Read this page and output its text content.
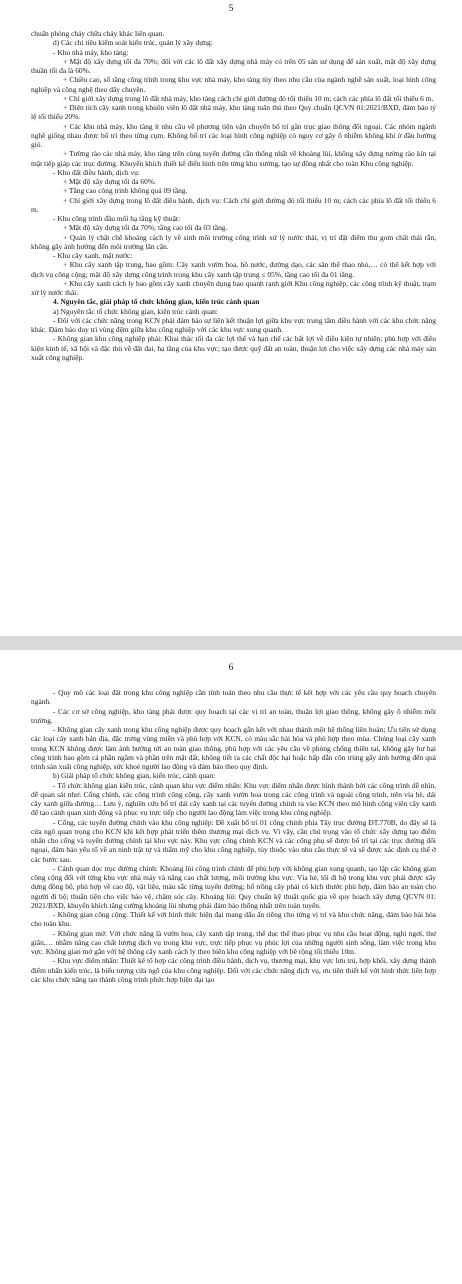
5

chuẩn phòng cháy chữa cháy khác liên quan.

d) Các chỉ tiêu kiểm soát kiến trúc, quản lý xây dựng:

- Khu nhà máy, kho tàng:

+ Mật độ xây dựng tối đa 70%; đối với các lô đất xây dựng nhà máy có trên 05 sản sư dụng để sản xuất, mật độ xây dựng thuần tối đa là 60%.

+ Chiều cao, số tầng công trình trong khu vực nhà máy, kho tàng tùy theo nhu cầu của ngành nghề sản xuất, loại hình công nghiệp và công nghệ theo dây chuyền.

+ Chỉ giới xây dựng trong lô đất nhà máy, kho tàng cách chỉ giới đường đỏ tối thiểu 10 m; cách các phía lô đất tối thiểu 6 m.

+ Diện tích cây xanh trong khuôn viên lô đất nhà máy, kho tàng tuân thủ theo Quy chuẩn QCVN 01:2021/BXD, đảm bảo tỷ lệ tối thiểu 20%.

+ Các khu nhà máy, kho tàng ít nhu cầu về phương tiện vận chuyển bố trí gần trục giao thông đối ngoại. Các nhóm ngành nghề giống nhau được bố trí theo từng cụm. Không bố trí các loại hình công nghiệp có nguy cơ gây ô nhiễm không khí ở đầu hướng gió.

+ Tường rào các nhà máy, kho tàng trên cùng tuyến đường cần thống nhất về khoảng lùi, không xây dựng tường rào kín tại mặt tiếp giáp các trục đường. Khuyến khích thiết kế điển hình trên từng khu xưởng, tạo sự đồng nhất cho toàn Khu công nghiệp.

- Khu đất điều hành, dịch vụ:

+ Mật độ xây dựng tối đa 60%.

+ Tầng cao công trình không quá 09 tầng.

+ Chỉ giới xây dựng trong lô đất điều hành, dịch vụ: Cách chỉ giới đường đỏ tối thiểu 10 m; cách các phía lô đất tối thiểu 6 m.

- Khu công trình đầu mối hạ tầng kỹ thuật:

+ Mật độ xây dựng tối đa 70%; tầng cao tối đa 03 tầng.

+ Quản lý chặt chẽ khoảng cách ly về sinh môi trường công trình xử lý nước thải, vị trí đặt điểm thu gom chất thải rắn, không gây ảnh hưởng đến môi trường lân cận.

- Khu cây xanh, mặt nước:

+ Khu cây xanh tập trung, bao gồm: Cây xanh vườn hoa, hồ nước, đường dạo, các sân thể thao nhỏ,… có thể kết hợp với dịch vụ công cộng; mật độ xây dựng công trình trong khu cây xanh tập trung ≤ 05%, tầng cao tối đa 01 tầng.

+ Khu cây xanh cách ly bao gồm cây xanh chuyên dụng bao quanh ranh giới Khu công nghiệp, các công trình kỹ thuật, trạm xử lý nước thải.

4. Nguyên tắc, giải pháp tổ chức không gian, kiến trúc cảnh quan

a) Nguyên tắc tổ chức không gian, kiến trúc cảnh quan:

- Đối với các chức năng trong KCN phải đảm bảo sự liên kết thuận lợi giữa khu vực trung tâm điều hành với các khu chức năng khác. Đảm bảo duy trì vùng đệm giữa khu công nghiệp với các khu vực xung quanh.

- Không gian khu công nghiệp phải: Khai thác tối đa các lợi thế và hạn chế các bất lợi về điều kiện tự nhiên; phù hợp với điều kiện kinh tế, xã hội và đặc thù về đất đai, hạ tầng của khu vực; tạo được quỹ đất an toàn, thuận lợi cho việc xây dựng các nhà máy sản xuất công nghiệp.

6

- Quy mô các loại đất trong khu công nghiệp cần tính toán theo nhu cầu thực tế kết hợp với các yêu cầu quy hoạch chuyên ngành.

- Các cơ sở công nghiệp, kho tàng phải được quy hoạch tại các vị trí an toàn, thuận lợi giao thông, không gây ô nhiễm môi trường.

- Không gian cây xanh trong khu công nghiệp được quy hoạch gắn kết với nhau thành một hệ thống liên hoàn; Ưu tiên sử dụng các loại cây xanh bản địa, đặc trưng vùng miền và phù hợp với KCN, có màu sắc hài hòa và phù hợp theo mùa. Chúng loại cây xanh trong KCN không được làm ảnh hưởng tới an toàn giao thông, phù hợp với các yêu cầu về phòng chống thiên tai, không gây hư hại công trình bao gồm cả phần ngầm và phần trên mặt đất, không tiết ra các chất độc hại hoặc hấp dẫn côn trùng gây ảnh hưởng đến quá trình sản xuất công nghiệp, sức khoẻ người lao động và đảm bảo theo quy định.

b) Giải pháp tổ chức không gian, kiến trúc, cảnh quan:

- Tổ chức không gian kiến trúc, cảnh quan khu vực điểm nhấn: Khu vực điểm nhấn được hình thành bởi các công trình dễ nhìn, dễ quan sát như: Cổng chính, các công trình công cộng, cây xanh vườn hoa trong các công trình và ngoài công trình, trên vỉa hè, dải cây xanh giữa đường… Lưu ý, nghiên cứu bố trí dải cây xanh tại các tuyến đường chính ra vào KCN theo mô hình công viên cây xanh để tạo cảnh quan xinh động và phục vụ trực tiếp cho người lao động làm việc trong khu công nghiệp.

- Cổng, các tuyến đường chính vào khu công nghiệp: Đề xuất bố trí 01 cổng chính phía Tây trục đường ĐT.770B, do đây sẽ là cửa ngõ quan trọng cho KCN khi kết hợp phát triển thêm thương mại dịch vụ. Vì vậy, cần chú trọng vào tổ chức xây dựng tạo điểm nhấn cho cổng và tuyến đường chính tại khu vực này. Khu vực cổng chính KCN và các cổng phụ sẽ được bố trí tại các trục đường đối ngoại, đảm bảo yếu tố về an ninh trật tự và thẩm mỹ cho khu công nghiệp, tùy thuộc vào nhu cầu thực tế và sẽ được xác định cụ thể ở các bước sau.

- Cảnh quan dọc trục đường chính: Khoảng lùi công trình chính để phù hợp với không gian xung quanh, tạo lập các không gian công cộng đối với từng khu vực nhà máy và nâng cao chất lượng, môi trường khu vực. Vỉa hè, lối đi bộ trong khu vực phải được xây dựng đồng bộ, phù hợp về cao độ, vật liệu, màu sắc từng tuyến đường; hố trồng cây phải có kích thước phù hợp, đảm bảo an toàn cho người đi bộ; thuận tiện cho việc bảo vệ, chăm sóc cây. Khoảng lùi: Quy chuẩn kỹ thuật quốc gia về quy hoạch xây dựng QCVN 01: 2021/BXD, khuyến khích tăng cường khoảng lùi nhưng phải đảm bảo thống nhất trên toàn tuyến.

- Không gian công cộng: Thiết kế với hình thức hiện đại mang dấu ấn riêng cho từng vị trí và khu chức năng, đảm bảo hài hòa cho toàn khu.

- Không gian mở: Với chức năng là vườn hoa, cây xanh tập trung, thể dục thể thao phục vụ nhu cầu hoạt động, nghỉ ngơi, thư giãn,… nhằm nâng cao chất lượng dịch vụ trong khu vực, trực tiếp phục vụ phúc lợi của những người sinh sống, làm việc trong khu vực. Không gian mở gắn với hệ thống cây xanh cách ly theo biên khu công nghiệp với bề rộng tối thiểu 10m.

- Khu vực điểm nhấn: Thiết kế tổ hợp các công trình điều hành, dịch vụ, thương mại, khu vực lưu trú, hợp khối, xây dựng thành điểm nhấn kiến trúc, là biểu tượng cửa ngõ của khu công nghiệp. Đối với các chức năng dịch vụ, ưu tiên thiết kế với hình thức liên hợp các khu chức năng tạo thành công trình phức hợp hiện đại tạo
